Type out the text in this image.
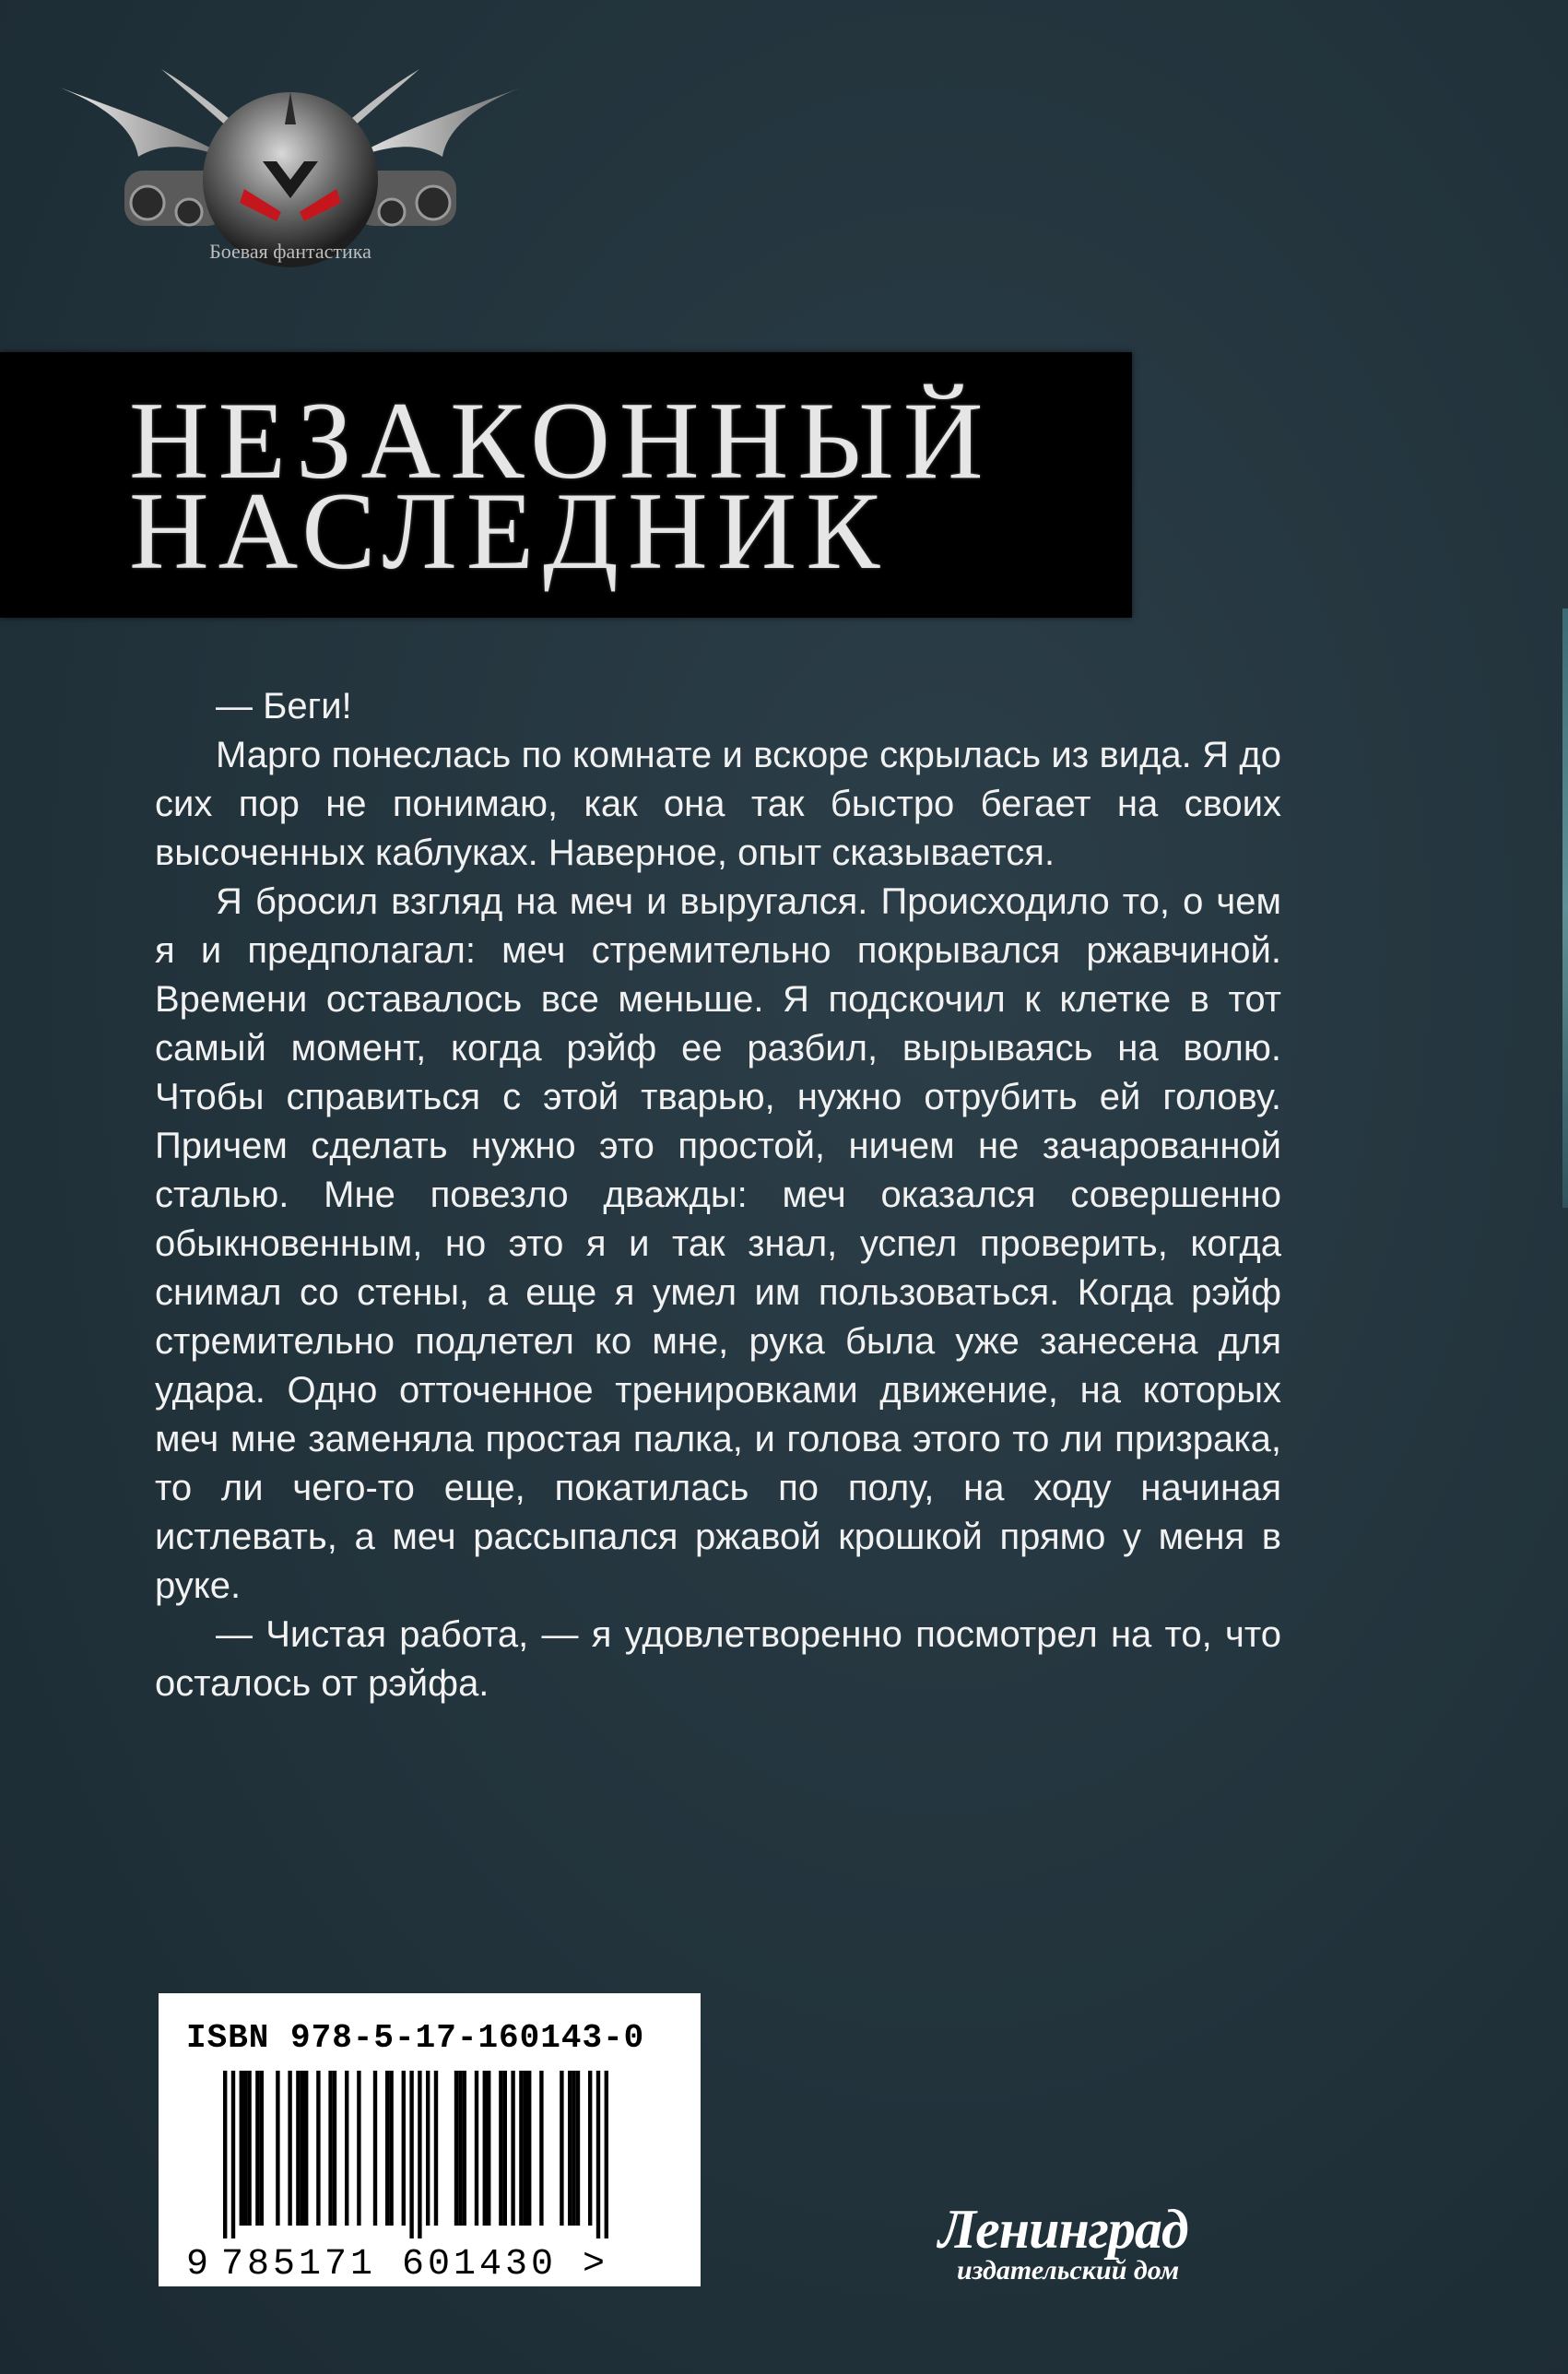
Боевая фантастика
НЕЗАКОННЫЙ
НАСЛЕДНИК

— Беги!

Марго понеслась по комнате и вскоре скрылась из вида. Я до сих пор не понимаю, как она так быстро бегает на своих высоченных каблуках. Наверное, опыт сказывается.

Я бросил взгляд на меч и выругался. Происходило то, о чем я и предполагал: меч стремительно покрывался ржавчиной. Времени оставалось все меньше. Я подскочил к клетке в тот самый момент, когда рэйф ее разбил, вырываясь на волю. Чтобы справиться с этой тварью, нужно отрубить ей голову. Причем сделать нужно это простой, ничем не зачарованной сталью. Мне повезло дважды: меч оказался совершенно обыкновенным, но это я и так знал, успел проверить, когда снимал со стены, а еще я умел им пользоваться. Когда рэйф стремительно подлетел ко мне, рука была уже занесена для удара. Одно отточенное тренировками движение, на которых меч мне заменяла простая палка, и голова этого то ли призрака, то ли чего-то еще, покатилась по полу, на ходу начиная истлевать, а меч рассыпался ржавой крошкой прямо у меня в руке.

— Чистая работа, — я удовлетворенно посмотрел на то, что осталось от рэйфа.

ISBN 978-5-17-160143-0
9 785171 601430 >
Ленинград
издательский дом
